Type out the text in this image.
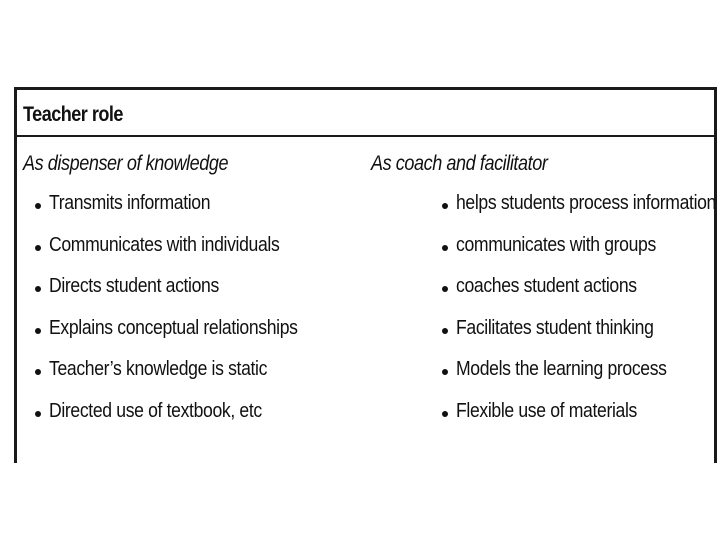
Teacher role
As dispenser of knowledge	As coach and facilitator
Transmits information
Communicates with individuals
Directs student actions
Explains conceptual relationships
Teacher’s knowledge is static
Directed use of textbook, etc
helps students process information
communicates with groups
coaches student actions
Facilitates student thinking
Models the learning process
Flexible use of materials
